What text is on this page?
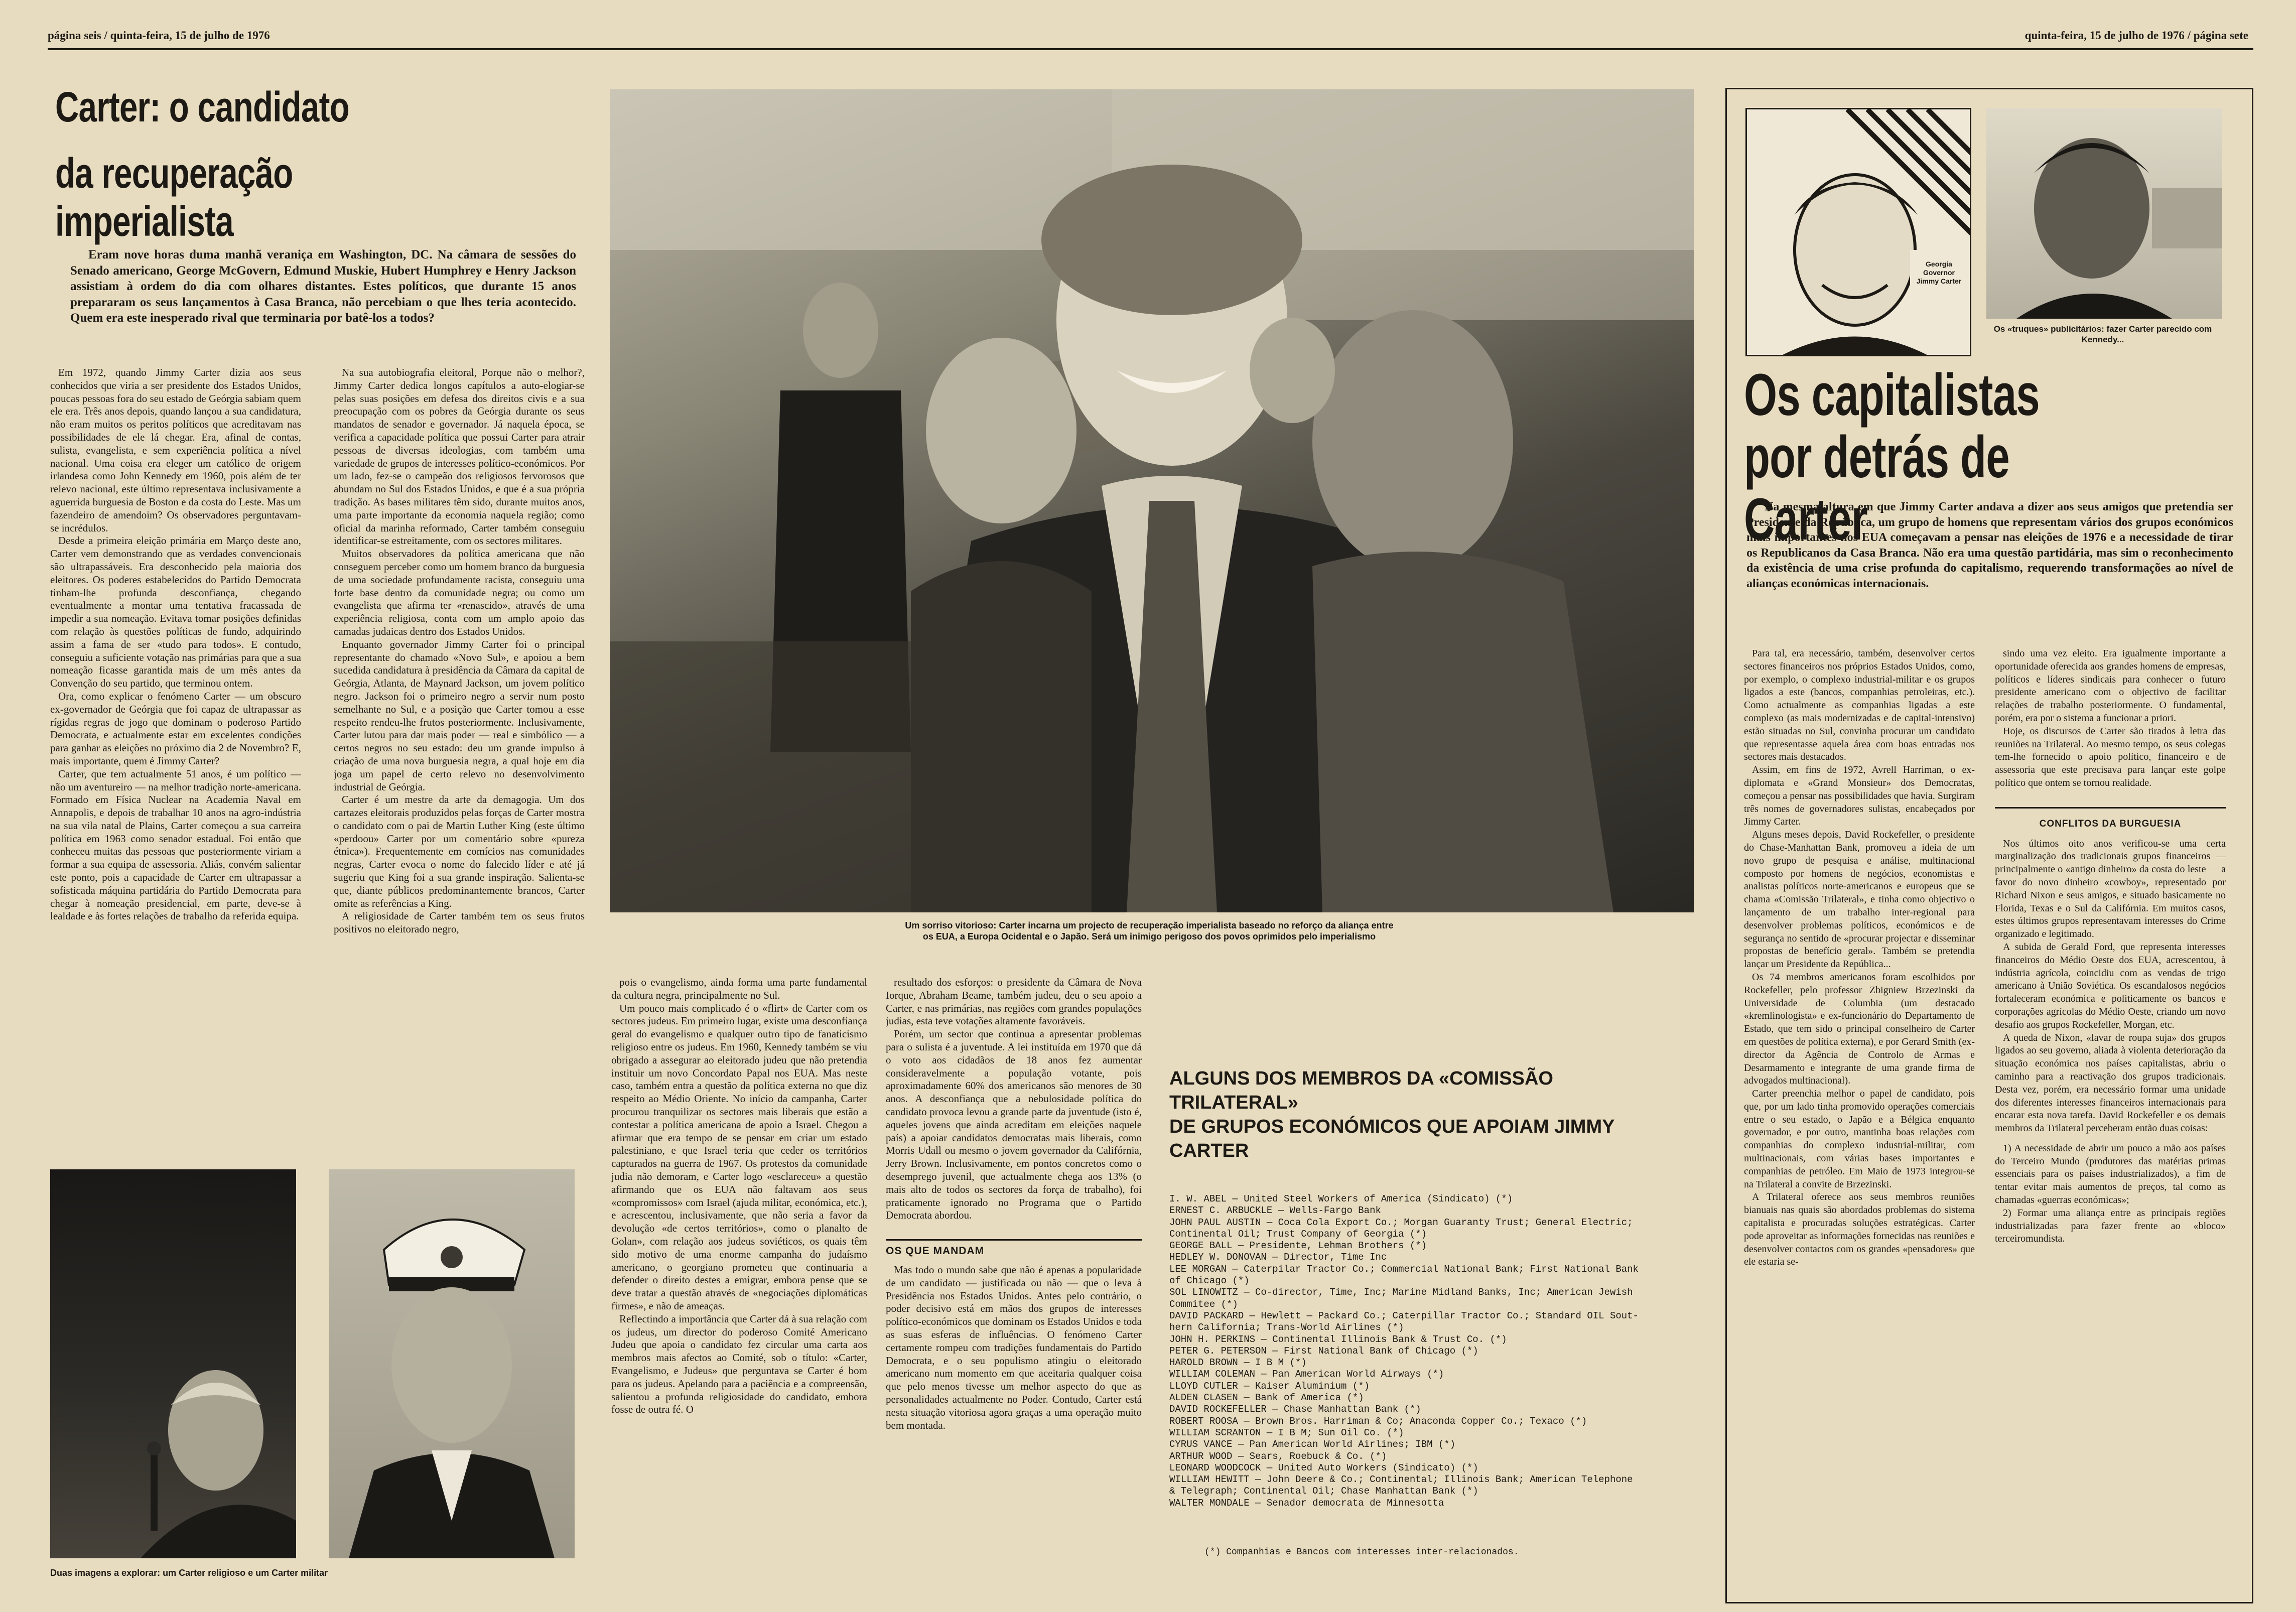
página seis / quinta-feira, 15 de julho de 1976	quinta-feira, 15 de julho de 1976 / página sete
Carter: o candidato
da recuperação imperialista
Eram nove horas duma manhã veraniça em Washington, DC. Na câmara de sessões do Senado americano, George McGovern, Edmund Muskie, Hubert Humphrey e Henry Jackson assistiam à ordem do dia com olhares distantes. Estes políticos, que durante 15 anos prepararam os seus lançamentos à Casa Branca, não percebiam o que lhes teria acontecido. Quem era este inesperado rival que terminaria por batê-los a todos?

Em 1972, quando Jimmy Carter dizia aos seus conhecidos que viria a ser presidente dos Estados Unidos, poucas pessoas fora do seu estado de Geórgia sabiam quem ele era. Três anos depois, quando lançou a sua candidatura, não eram muitos os peritos políticos que acreditavam nas possibilidades de ele lá chegar. Era, afinal de contas, sulista, evangelista, e sem experiência política a nível nacional. Uma coisa era eleger um católico de origem irlandesa como John Kennedy em 1960, pois além de ter relevo nacional, este último representava inclusivamente a aguerrida burguesia de Boston e da costa do Leste. Mas um fazendeiro de amendoim? Os observadores perguntavam-se incrédulos.

Desde a primeira eleição primária em Março deste ano, Carter vem demonstrando que as verdades convencionais são ultrapassáveis. Era desconhecido pela maioria dos eleitores. Os poderes estabelecidos do Partido Democrata tinham-lhe profunda desconfiança, chegando eventualmente a montar uma tentativa fracassada de impedir a sua nomeação. Evitava tomar posições definidas com relação às questões políticas de fundo, adquirindo assim a fama de ser «tudo para todos». E contudo, conseguiu a suficiente votação nas primárias para que a sua nomeação ficasse garantida mais de um mês antes da Convenção do seu partido, que terminou ontem.

Ora, como explicar o fenómeno Carter — um obscuro ex-governador de Geórgia que foi capaz de ultrapassar as rígidas regras de jogo que dominam o poderoso Partido Democrata, e actualmente estar em excelentes condições para ganhar as eleições no próximo dia 2 de Novembro? E, mais importante, quem é Jimmy Carter?

Carter, que tem actualmente 51 anos, é um político — não um aventureiro — na melhor tradição norte-americana. Formado em Física Nuclear na Academia Naval em Annapolis, e depois de trabalhar 10 anos na agro-indústria na sua vila natal de Plains, Carter começou a sua carreira política em 1963 como senador estadual. Foi então que conheceu muitas das pessoas que posteriormente viriam a formar a sua equipa de assessoria. Aliás, convém salientar este ponto, pois a capacidade de Carter em ultrapassar a sofisticada máquina partidária do Partido Democrata para chegar à nomeação presidencial, em parte, deve-se à lealdade e às fortes relações de trabalho da referida equipa.

Na sua autobiografia eleitoral, Porque não o melhor?, Jimmy Carter dedica longos capítulos a auto-elogiar-se pelas suas posições em defesa dos direitos civis e a sua preocupação com os pobres da Geórgia durante os seus mandatos de senador e governador. Já naquela época, se verifica a capacidade política que possui Carter para atrair pessoas de diversas ideologias, com também uma variedade de grupos de interesses político-económicos. Por um lado, fez-se o campeão dos religiosos fervorosos que abundam no Sul dos Estados Unidos, e que é a sua própria tradição. As bases militares têm sido, durante muitos anos, uma parte importante da economia naquela região; como oficial da marinha reformado, Carter também conseguiu identificar-se estreitamente, com os sectores militares.

Muitos observadores da política americana que não conseguem perceber como um homem branco da burguesia de uma sociedade profundamente racista, conseguiu uma forte base dentro da comunidade negra; ou como um evangelista que afirma ter «renascido», através de uma experiência religiosa, conta com um amplo apoio das camadas judaicas dentro dos Estados Unidos.

Enquanto governador Jimmy Carter foi o principal representante do chamado «Novo Sul», e apoiou a bem sucedida candidatura à presidência da Câmara da capital de Geórgia, Atlanta, de Maynard Jackson, um jovem político negro. Jackson foi o primeiro negro a servir num posto semelhante no Sul, e a posição que Carter tomou a esse respeito rendeu-lhe frutos posteriormente. Inclusivamente, Carter lutou para dar mais poder — real e simbólico — a certos negros no seu estado: deu um grande impulso à criação de uma nova burguesia negra, a qual hoje em dia joga um papel de certo relevo no desenvolvimento industrial de Geórgia.

Carter é um mestre da arte da demagogia. Um dos cartazes eleitorais produzidos pelas forças de Carter mostra o candidato com o pai de Martin Luther King (este último «perdoou» Carter por um comentário sobre «pureza étnica»). Frequentemente em comícios nas comunidades negras, Carter evoca o nome do falecido líder e até já sugeriu que King foi a sua grande inspiração. Salienta-se que, diante públicos predominantemente brancos, Carter omite as referências a King.

A religiosidade de Carter também tem os seus frutos positivos no eleitorado negro,	Um sorriso vitorioso: Carter incarna um projecto de recuperação imperialista baseado no reforço da aliança entre os EUA, a Europa Ocidental e o Japão. Será um inimigo perigoso dos povos oprimidos pelo imperialismo

pois o evangelismo, ainda forma uma parte fundamental da cultura negra, principalmente no Sul.

Um pouco mais complicado é o «flirt» de Carter com os sectores judeus. Em primeiro lugar, existe uma desconfiança geral do evangelismo e qualquer outro tipo de fanaticismo religioso entre os judeus. Em 1960, Kennedy também se viu obrigado a assegurar ao eleitorado judeu que não pretendia instituir um novo Concordato Papal nos EUA. Mas neste caso, também entra a questão da política externa no que diz respeito ao Médio Oriente. No início da campanha, Carter procurou tranquilizar os sectores mais liberais que estão a contestar a política americana de apoio a Israel. Chegou a afirmar que era tempo de se pensar em criar um estado palestiniano, e que Israel teria que ceder os territórios capturados na guerra de 1967. Os protestos da comunidade judia não demoram, e Carter logo «esclareceu» a questão afirmando que os EUA não faltavam aos seus «compromissos» com Israel (ajuda militar, económica, etc.), e acrescentou, inclusivamente, que não seria a favor da devolução «de certos territórios», como o planalto de Golan», com relação aos judeus soviéticos, os quais têm sido motivo de uma enorme campanha do judaísmo americano, o georgiano prometeu que continuaria a defender o direito destes a emigrar, embora pense que se deve tratar a questão através de «negociações diplomáticas firmes», e não de ameaças.

Reflectindo a importância que Carter dá à sua relação com os judeus, um director do poderoso Comité Americano Judeu que apoia o candidato fez circular uma carta aos membros mais afectos ao Comité, sob o título: «Carter, Evangelismo, e Judeus» que perguntava se Carter é bom para os judeus. Apelando para a paciência e a compreensão, salientou a profunda religiosidade do candidato, embora fosse de outra fé. O

resultado dos esforços: o presidente da Câmara de Nova Iorque, Abraham Beame, também judeu, deu o seu apoio a Carter, e nas primárias, nas regiões com grandes populações judias, esta teve votações altamente favoráveis.

Porém, um sector que continua a apresentar problemas para o sulista é a juventude. A lei instituída em 1970 que dá o voto aos cidadãos de 18 anos fez aumentar consideravelmente a população votante, pois aproximadamente 60% dos americanos são menores de 30 anos. A desconfiança que a nebulosidade política do candidato provoca levou a grande parte da juventude (isto é, aqueles jovens que ainda acreditam em eleições naquele país) a apoiar candidatos democratas mais liberais, como Morris Udall ou mesmo o jovem governador da Califórnia, Jerry Brown. Inclusivamente, em pontos concretos como o desemprego juvenil, que actualmente chega aos 13% (o mais alto de todos os sectores da força de trabalho), foi praticamente ignorado no Programa que o Partido Democrata abordou.

OS QUE MANDAM

Mas todo o mundo sabe que não é apenas a popularidade de um candidato — justificada ou não — que o leva à Presidência nos Estados Unidos. Antes pelo contrário, o poder decisivo está em mãos dos grupos de interesses político-económicos que dominam os Estados Unidos e toda as suas esferas de influências. O fenómeno Carter certamente rompeu com tradições fundamentais do Partido Democrata, e o seu populismo atingiu o eleitorado americano num momento em que aceitaria qualquer coisa que pelo menos tivesse um melhor aspecto do que as personalidades actualmente no Poder. Contudo, Carter está nesta situação vitoriosa agora graças a uma operação muito bem montada.

Duas imagens a explorar: um Carter religioso e um Carter militar
ALGUNS DOS MEMBROS DA «COMISSÃO TRILATERAL»
DE GRUPOS ECONÓMICOS QUE APOIAM JIMMY CARTER
I. W. ABEL — United Steel Workers of America (Sindicato) (*)
ERNEST C. ARBUCKLE — Wells-Fargo Bank
JOHN PAUL AUSTIN — Coca Cola Export Co.; Morgan Guaranty Trust; General Electric;
Continental Oil; Trust Company of Georgia (*)
GEORGE BALL — Presidente, Lehman Brothers (*)
HEDLEY W. DONOVAN — Director, Time Inc
LEE MORGAN — Caterpilar Tractor Co.; Commercial National Bank; First National Bank
of Chicago (*)
SOL LINOWITZ — Co-director, Time, Inc; Marine Midland Banks, Inc; American Jewish
Commitee (*)
DAVID PACKARD — Hewlett — Packard Co.; Caterpillar Tractor Co.; Standard OIL Sout-
hern California; Trans-World Airlines (*)
JOHN H. PERKINS — Continental Illinois Bank & Trust Co. (*)
PETER G. PETERSON — First National Bank of Chicago (*)
HAROLD BROWN — I B M (*)
WILLIAM COLEMAN — Pan American World Airways (*)
LLOYD CUTLER — Kaiser Aluminium (*)
ALDEN CLASEN — Bank of America (*)
DAVID ROCKEFELLER — Chase Manhattan Bank (*)
ROBERT ROOSA — Brown Bros. Harriman & Co; Anaconda Copper Co.; Texaco (*)
WILLIAM SCRANTON — I B M; Sun Oil Co. (*)
CYRUS VANCE — Pan American World Airlines; IBM (*)
ARTHUR WOOD — Sears, Roebuck & Co. (*)
LEONARD WOODCOCK — United Auto Workers (Sindicato) (*)
WILLIAM HEWITT — John Deere & Co.; Continental; Illinois Bank; American Telephone
& Telegraph; Continental Oil; Chase Manhattan Bank (*)
WALTER MONDALE — Senador democrata de Minnesotta
(*) Companhias e Bancos com interesses inter-relacionados.
Georgia Governor Jimmy Carter
Os «truques» publicitários: fazer Carter parecido com Kennedy...
Os capitalistas
por detrás de Carter
Na mesma altura em que Jimmy Carter andava a dizer aos seus amigos que pretendia ser Presidente da República, um grupo de homens que representam vários dos grupos económicos mais importantes nos EUA começavam a pensar nas eleições de 1976 e a necessidade de tirar os Republicanos da Casa Branca. Não era uma questão partidária, mas sim o reconhecimento da existência de uma crise profunda do capitalismo, requerendo transformações ao nível de alianças económicas internacionais.

Para tal, era necessário, também, desenvolver certos sectores financeiros nos próprios Estados Unidos, como, por exemplo, o complexo industrial-militar e os grupos ligados a este (bancos, companhias petroleiras, etc.). Como actualmente as companhias ligadas a este complexo (as mais modernizadas e de capital-intensivo) estão situadas no Sul, convinha procurar um candidato que representasse aquela área com boas entradas nos sectores mais destacados.

Assim, em fins de 1972, Avrell Harriman, o ex-diplomata e «Grand Monsieur» dos Democratas, começou a pensar nas possibilidades que havia. Surgiram três nomes de governadores sulistas, encabeçados por Jimmy Carter.

Alguns meses depois, David Rockefeller, o presidente do Chase-Manhattan Bank, promoveu a ideia de um novo grupo de pesquisa e análise, multinacional composto por homens de negócios, economistas e analistas políticos norte-americanos e europeus que se chama «Comissão Trilateral», e tinha como objectivo o lançamento de um trabalho inter-regional para desenvolver problemas políticos, económicos e de segurança no sentido de «procurar projectar e disseminar propostas de benefício geral». Também se pretendia lançar um Presidente da República...

Os 74 membros americanos foram escolhidos por Rockefeller, pelo professor Zbigniew Brzezinski da Universidade de Columbia (um destacado «kremlinologista» e ex-funcionário do Departamento de Estado, que tem sido o principal conselheiro de Carter em questões de política externa), e por Gerard Smith (ex-director da Agência de Controlo de Armas e Desarmamento e integrante de uma grande firma de advogados multinacional).

Carter preenchia melhor o papel de candidato, pois que, por um lado tinha promovido operações comerciais entre o seu estado, o Japão e a Bélgica enquanto governador, e por outro, mantinha boas relações com companhias do complexo industrial-militar, com multinacionais, com várias bases importantes e companhias de petróleo. Em Maio de 1973 integrou-se na Trilateral a convite de Brzezinski.

A Trilateral oferece aos seus membros reuniões bianuais nas quais são abordados problemas do sistema capitalista e procuradas soluções estratégicas. Carter pode aproveitar as informações fornecidas nas reuniões e desenvolver contactos com os grandes «pensadores» que ele estaria se-

sindo uma vez eleito. Era igualmente importante a oportunidade oferecida aos grandes homens de empresas, políticos e líderes sindicais para conhecer o futuro presidente americano com o objectivo de facilitar relações de trabalho posteriormente. O fundamental, porém, era por o sistema a funcionar a priori.

Hoje, os discursos de Carter são tirados à letra das reuniões na Trilateral. Ao mesmo tempo, os seus colegas tem-lhe fornecido o apoio político, financeiro e de assessoria que este precisava para lançar este golpe político que ontem se tornou realidade.

CONFLITOS DA BURGUESIA

Nos últimos oito anos verificou-se uma certa marginalização dos tradicionais grupos financeiros — principalmente o «antigo dinheiro» da costa do leste — a favor do novo dinheiro «cowboy», representado por Richard Nixon e seus amigos, e situado basicamente no Florida, Texas e o Sul da Califórnia. Em muitos casos, estes últimos grupos representavam interesses do Crime organizado e legitimado.

A subida de Gerald Ford, que representa interesses financeiros do Médio Oeste dos EUA, acrescentou, à indústria agrícola, coincidiu com as vendas de trigo americano à União Soviética. Os escandalosos negócios fortaleceram económica e politicamente os bancos e corporações agrícolas do Médio Oeste, criando um novo desafio aos grupos Rockefeller, Morgan, etc.

A queda de Nixon, «lavar de roupa suja» dos grupos ligados ao seu governo, aliada à violenta deterioração da situação económica nos países capitalistas, abriu o caminho para a reactivação dos grupos tradicionais. Desta vez, porém, era necessário formar uma unidade dos diferentes interesses financeiros internacionais para encarar esta nova tarefa. David Rockefeller e os demais membros da Trilateral perceberam então duas coisas:

1) A necessidade de abrir um pouco a mão aos países do Terceiro Mundo (produtores das matérias primas essenciais para os países industrializados), a fim de tentar evitar mais aumentos de preços, tal como as chamadas «guerras económicas»;

2) Formar uma aliança entre as principais regiões industrializadas para fazer frente ao «bloco» terceiromundista.
